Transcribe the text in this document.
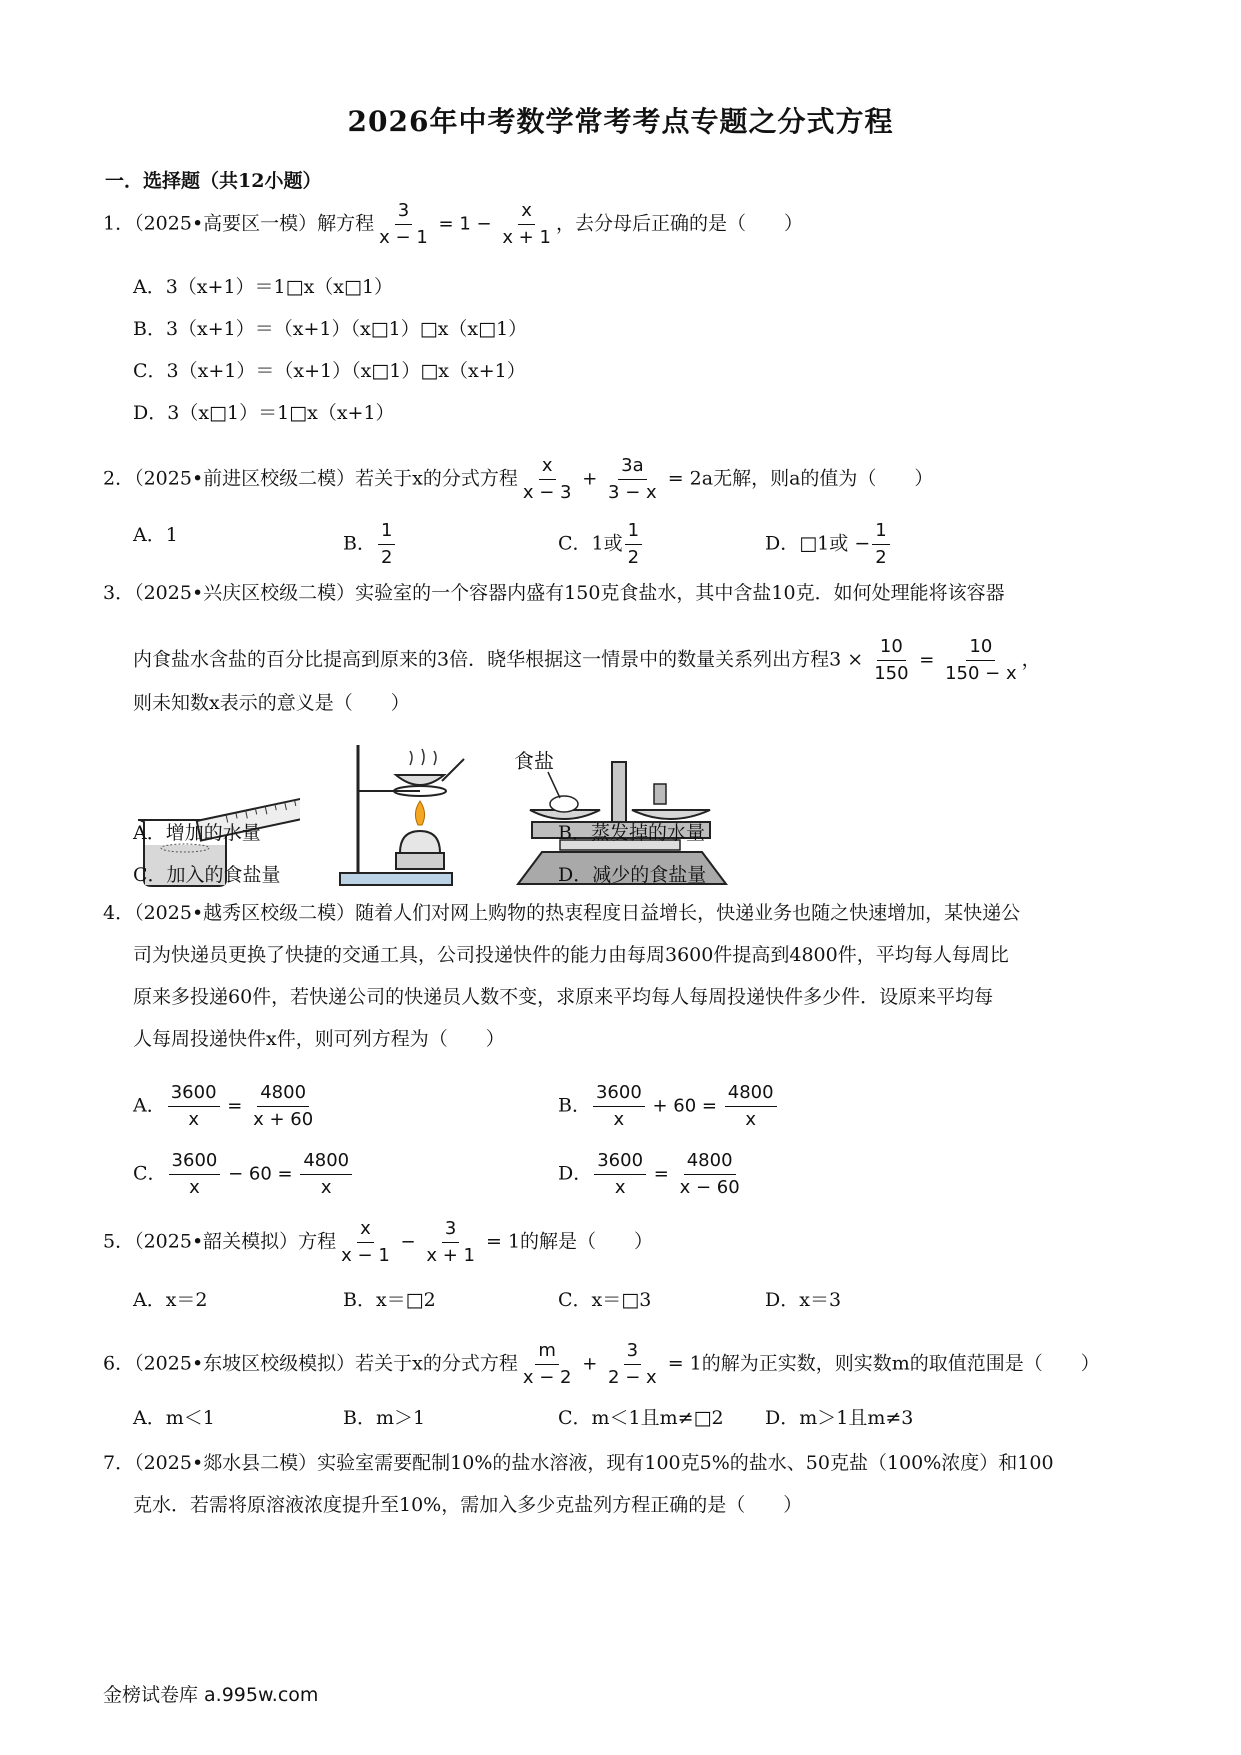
2026年中考数学常考考点专题之分式方程
一．选择题（共12小题）
1．（2025•高要区一模）解方程 $\frac{3}{x - 1} = 1 - \frac{x}{x + 1}$ ，去分母后正确的是（　　）
A．3（x+1）＝1□x（x□1）
B．3（x+1）＝（x+1）（x□1）□x（x□1）
C．3（x+1）＝（x+1）（x□1）□x（x+1）
D．3（x□1）＝1□x（x+1）
2．（2025•前进区校级二模）若关于x的分式方程 $\frac{x}{x - 3} + \frac{3a}{3 - x} = 2a$无解，则a的值为（　　）
A．1	B． $\frac{1}{2}$	C．1或 $\frac{1}{2}$	D．□1或 − $\frac{1}{2}$
3．（2025•兴庆区校级二模）实验室的一个容器内盛有150克食盐水，其中含盐10克．如何处理能将该容器
内食盐水含盐的百分比提高到原来的3倍．晓华根据这一情景中的数量关系列出方程$3 \times \frac{10}{150} = \frac{10}{150 - x}$ ，
则未知数x表示的意义是（　　）
食盐
A．增加的水量	B．蒸发掉的水量
C．加入的食盐量	D．减少的食盐量
4．（2025•越秀区校级二模）随着人们对网上购物的热衷程度日益增长，快递业务也随之快速增加，某快递公
司为快递员更换了快捷的交通工具，公司投递快件的能力由每周3600件提高到4800件，平均每人每周比
原来多投递60件，若快递公司的快递员人数不变，求原来平均每人每周投递快件多少件．设原来平均每
人每周投递快件x件，则可列方程为（　　）
A． $\frac{3600}{x} = \frac{4800}{x + 60}$	B． $\frac{3600}{x} + 60 = \frac{4800}{x}$
C． $\frac{3600}{x} - 60 = \frac{4800}{x}$	D． $\frac{3600}{x} = \frac{4800}{x - 60}$
5．（2025•韶关模拟）方程 $\frac{x}{x - 1} - \frac{3}{x + 1} = 1$的解是（　　）
A．x＝2	B．x＝□2	C．x＝□3	D．x＝3
6．（2025•东坡区校级模拟）若关于x的分式方程 $\frac{m}{x - 2} + \frac{3}{2 - x} = 1$的解为正实数，则实数m的取值范围是（　　）
A．m＜1	B．m＞1	C．m＜1且m≠□2 D．m＞1且m≠3
7．（2025•郯水县二模）实验室需要配制10%的盐水溶液，现有100克5%的盐水、50克盐（100%浓度）和100
克水．若需将原溶液浓度提升至10%，需加入多少克盐列方程正确的是（　　）
金榜试卷库 a.995w.com
